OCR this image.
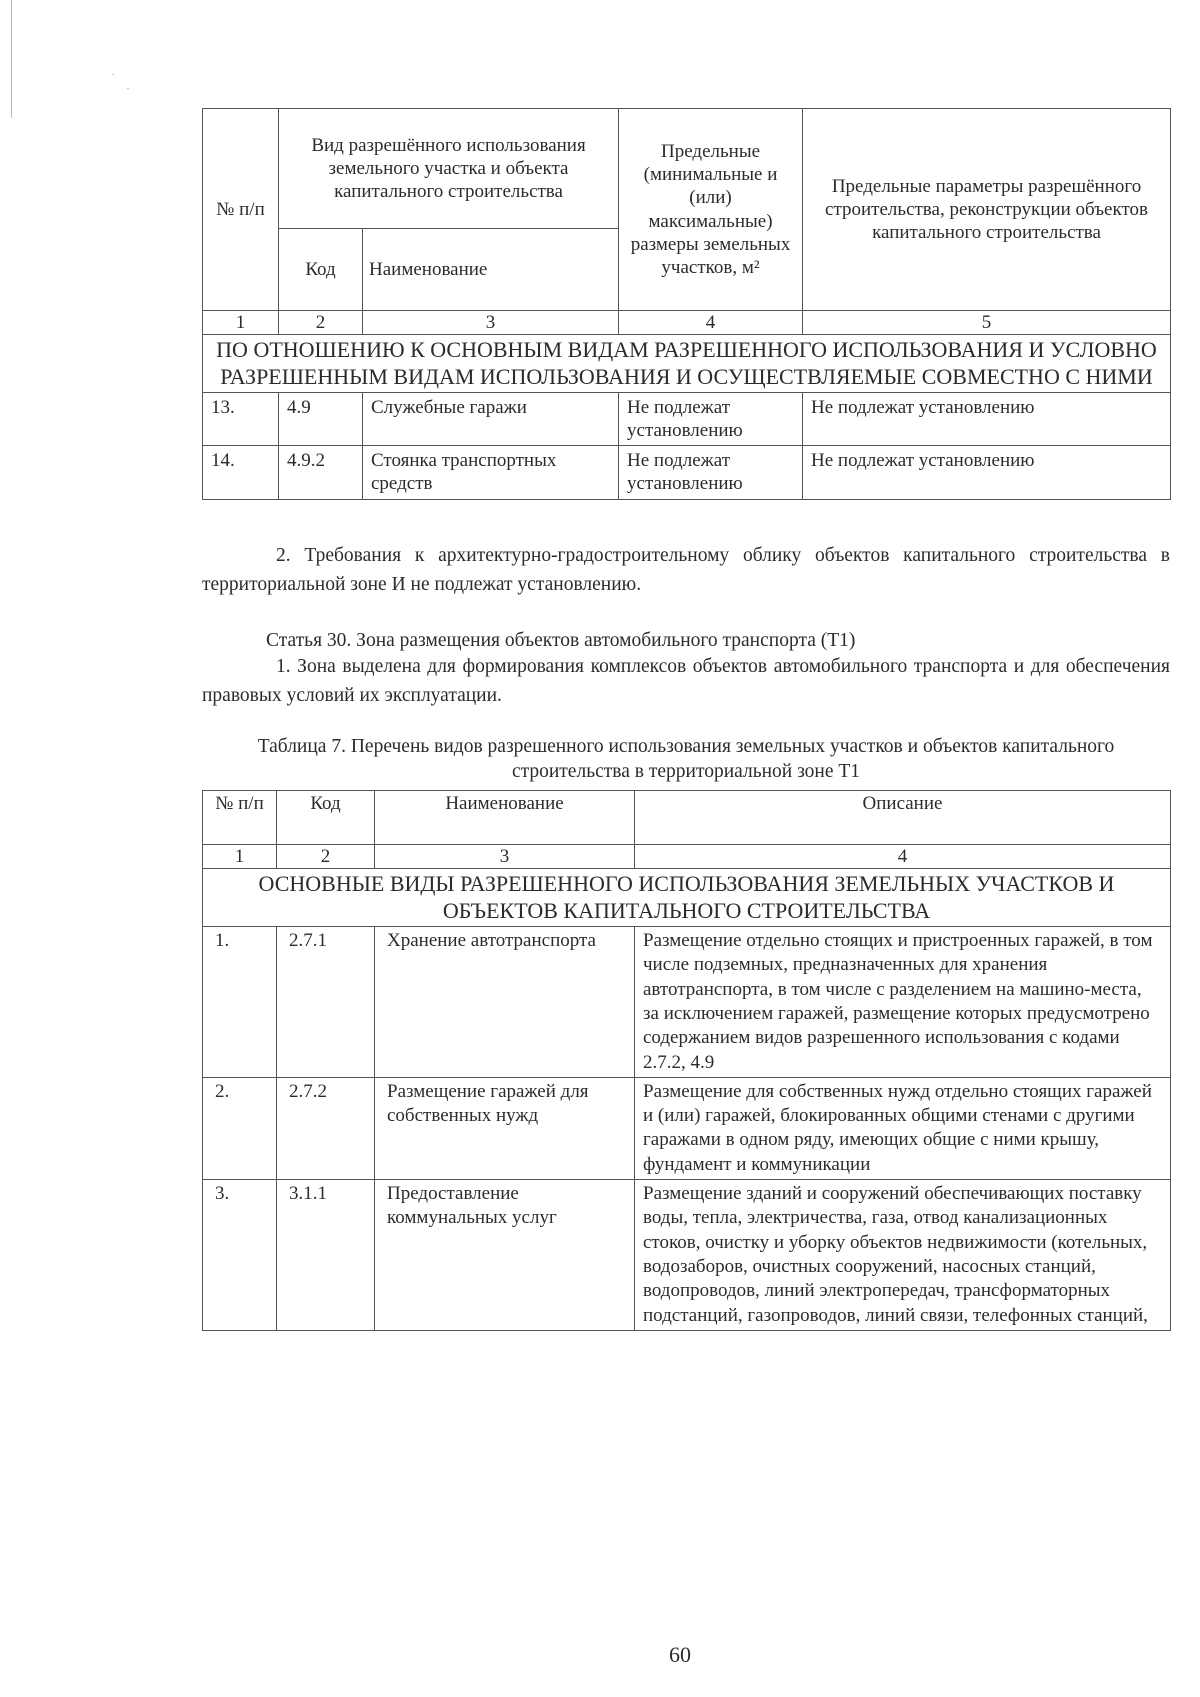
№ п/п	Вид разрешённого использования земельного участка и объекта капитального строительства		Предельные (минимальные и (или) максимальные) размеры земельных участков, м²	Предельные параметры разрешённого строительства, реконструкции объектов капитального строительства
	Код	Наименование		
1	2	3	4	5
ПО ОТНОШЕНИЮ К ОСНОВНЫМ ВИДАМ РАЗРЕШЕННОГО ИСПОЛЬЗОВАНИЯ И УСЛОВНО РАЗРЕШЕННЫМ ВИДАМ ИСПОЛЬЗОВАНИЯ И ОСУЩЕСТВЛЯЕМЫЕ СОВМЕСТНО С НИМИ				
13.	4.9	Служебные гаражи	Не подлежат установлению	Не подлежат установлению
14.	4.9.2	Стоянка транспортных средств	Не подлежат установлению	Не подлежат установлению

2. Требования к архитектурно-градостроительному облику объектов капитального строительства в территориальной зоне И не подлежат установлению.

Статья 30. Зона размещения объектов автомобильного транспорта (Т1)

1. Зона выделена для формирования комплексов объектов автомобильного транспорта и для обеспечения правовых условий их эксплуатации.

Таблица 7. Перечень видов разрешенного использования земельных участков и объектов капитального строительства в территориальной зоне Т1

№ п/п	Код	Наименование	Описание
1	2	3	4
ОСНОВНЫЕ ВИДЫ РАЗРЕШЕННОГО ИСПОЛЬЗОВАНИЯ ЗЕМЕЛЬНЫХ УЧАСТКОВ И ОБЪЕКТОВ КАПИТАЛЬНОГО СТРОИТЕЛЬСТВА			
1.	2.7.1	Хранение автотранспорта	Размещение отдельно стоящих и пристроенных гаражей, в том числе подземных, предназначенных для хранения автотранспорта, в том числе с разделением на машино-места, за исключением гаражей, размещение которых предусмотрено содержанием видов разрешенного использования с кодами 2.7.2, 4.9
2.	2.7.2	Размещение гаражей для собственных нужд	Размещение для собственных нужд отдельно стоящих гаражей и (или) гаражей, блокированных общими стенами с другими гаражами в одном ряду, имеющих общие с ними крышу, фундамент и коммуникации
3.	3.1.1	Предоставление коммунальных услуг	Размещение зданий и сооружений обеспечивающих поставку воды, тепла, электричества, газа, отвод канализационных стоков, очистку и уборку объектов недвижимости (котельных, водозаборов, очистных сооружений, насосных станций, водопроводов, линий электропередач, трансформаторных подстанций, газопроводов, линий связи, телефонных станций,
60
